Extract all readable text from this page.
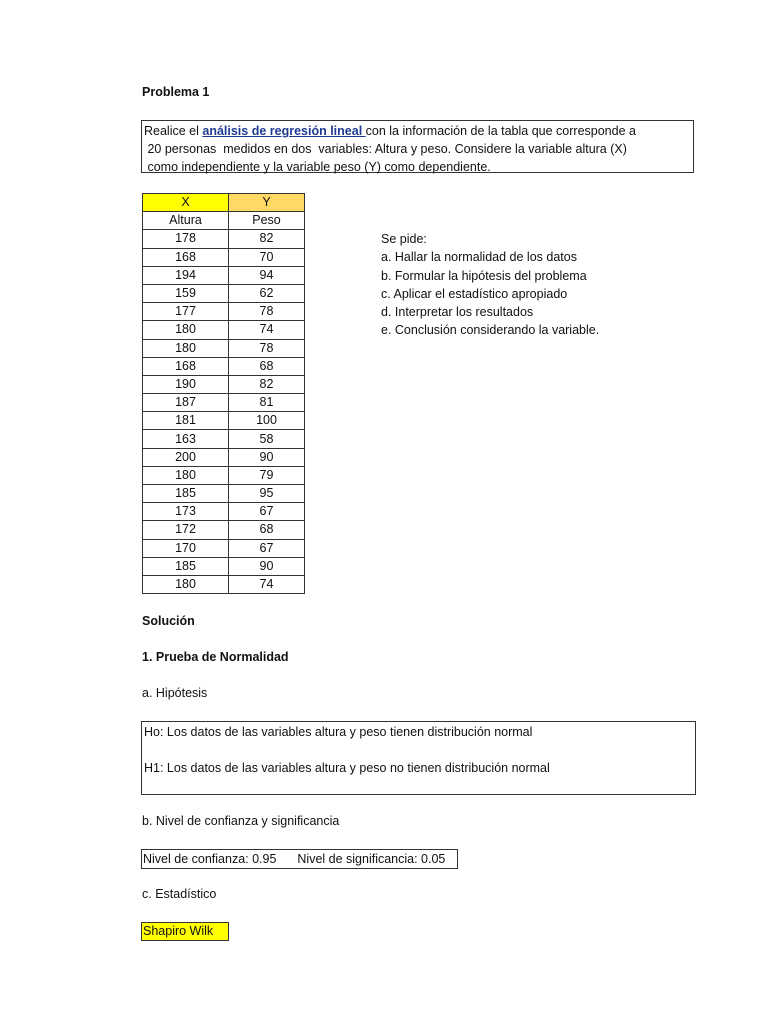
Problema 1
Realice el análisis de regresión lineal con la información de la tabla que corresponde a
20 personas  medidos en dos  variables: Altura y peso. Considere la variable altura (X)
como independiente y la variable peso (Y) como dependiente.
X	Y
Altura	Peso
178	82
168	70
194	94
159	62
177	78
180	74
180	78
168	68
190	82
187	81
181	100
163	58
200	90
180	79
185	95
173	67
172	68
170	67
185	90
180	74
Se pide:
a. Hallar la normalidad de los datos
b. Formular la hipótesis del problema
c. Aplicar el estadístico apropiado
d. Interpretar los resultados
e. Conclusión considerando la variable.
Solución
1. Prueba de Normalidad
a. Hipótesis
Ho: Los datos de las variables altura y peso tienen distribución normal
H1: Los datos de las variables altura y peso no tienen distribución normal
b. Nivel de confianza y significancia
Nivel de confianza: 0.95 Nivel de significancia: 0.05
c. Estadístico
Shapiro Wilk
